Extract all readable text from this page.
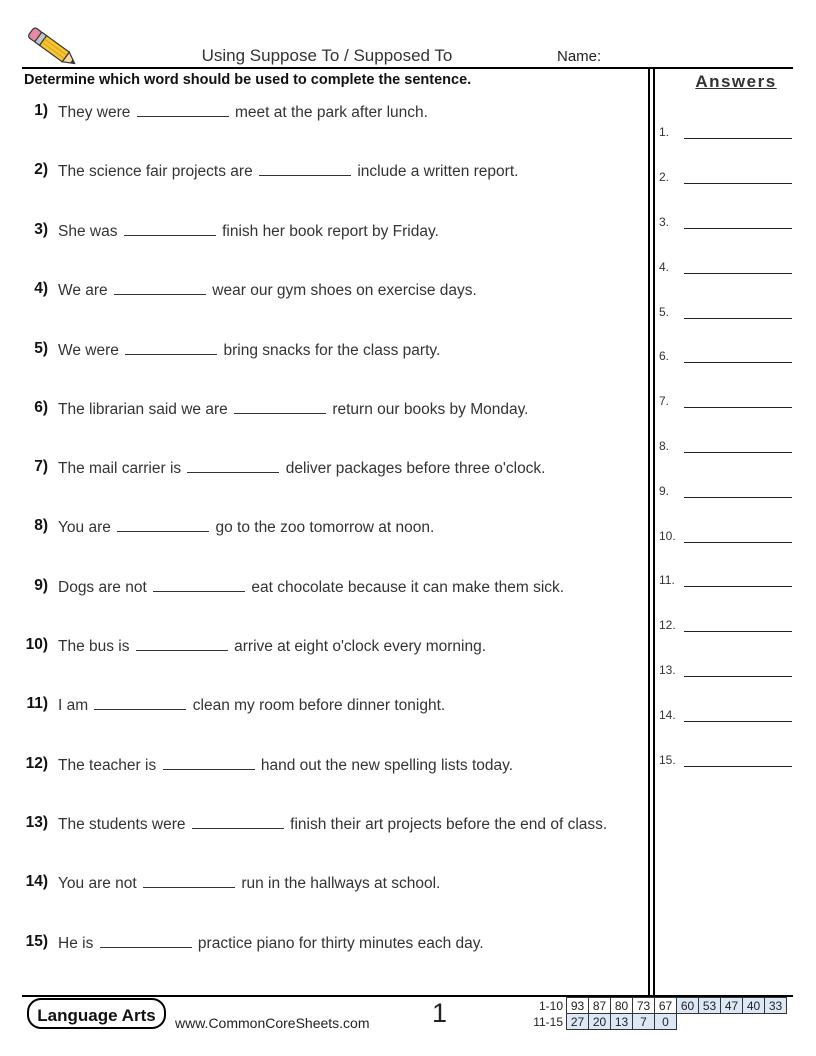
Using Suppose To / Supposed To	Name:
Determine which word should be used to complete the sentence.	Answers
1) They were	meet at the park after lunch.
2) The science fair projects are	include a written report.
3) She was	finish her book report by Friday.
4) We are	wear our gym shoes on exercise days.
5) We were	bring snacks for the class party.
6) The librarian said we are	return our books by Monday.
7) The mail carrier is	deliver packages before three o'clock.
8) You are	go to the zoo tomorrow at noon.
9) Dogs are not	eat chocolate because it can make them sick.
10) The bus is	arrive at eight o'clock every morning.
11) I am	clean my room before dinner tonight.
12) The teacher is	hand out the new spelling lists today.
13) The students were	finish their art projects before the end of class.
14) You are not	run in the hallways at school.
15) He is	practice piano for thirty minutes each day.
1.
2.
3.
4.
5.
6.
7.
8.
9.
10.
11.
12.
13.
14.
15.
Language Arts	www.CommonCoreSheets.com 1	1-10	93	87	80	73	67	60	53	47	40	33
11-15	27	20	13	7	0					
